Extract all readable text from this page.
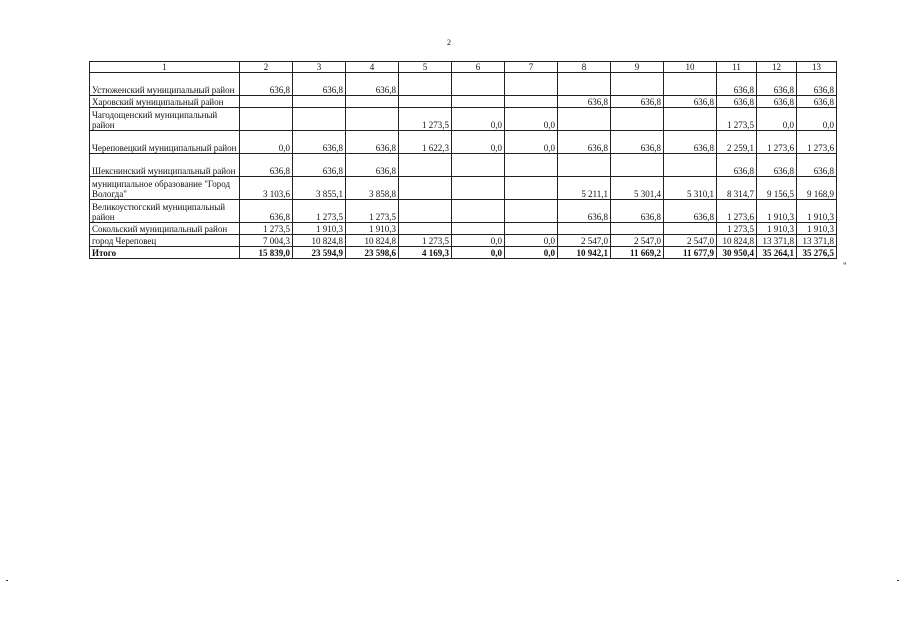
2
1	2	3	4	5	6	7	8	9	10	11	12	13
Устюженский муниципальный район	636,8	636,8	636,8							636,8	636,8	636,8
Харовский муниципальный район							636,8	636,8	636,8	636,8	636,8	636,8
Чагодощенский муниципальный район				1 273,5	0,0	0,0				1 273,5	0,0	0,0
Череповецкий муниципальный район	0,0	636,8	636,8	1 622,3	0,0	0,0	636,8	636,8	636,8	2 259,1	1 273,6	1 273,6
Шекснинский муниципальный район	636,8	636,8	636,8							636,8	636,8	636,8
муниципальное образование "Город Вологда"	3 103,6	3 855,1	3 858,8				5 211,1	5 301,4	5 310,1	8 314,7	9 156,5	9 168,9
Великоустюгский муниципальный район	636,8	1 273,5	1 273,5				636,8	636,8	636,8	1 273,6	1 910,3	1 910,3
Сокольский муниципальный район	1 273,5	1 910,3	1 910,3							1 273,5	1 910,3	1 910,3
город Череповец	7 004,3	10 824,8	10 824,8	1 273,5	0,0	0,0	2 547,0	2 547,0	2 547,0	10 824,8	13 371,8	13 371,8
Итого	15 839,0	23 594,9	23 598,6	4 169,3	0,0	0,0	10 942,1	11 669,2	11 677,9	30 950,4	35 264,1	35 276,5
"
